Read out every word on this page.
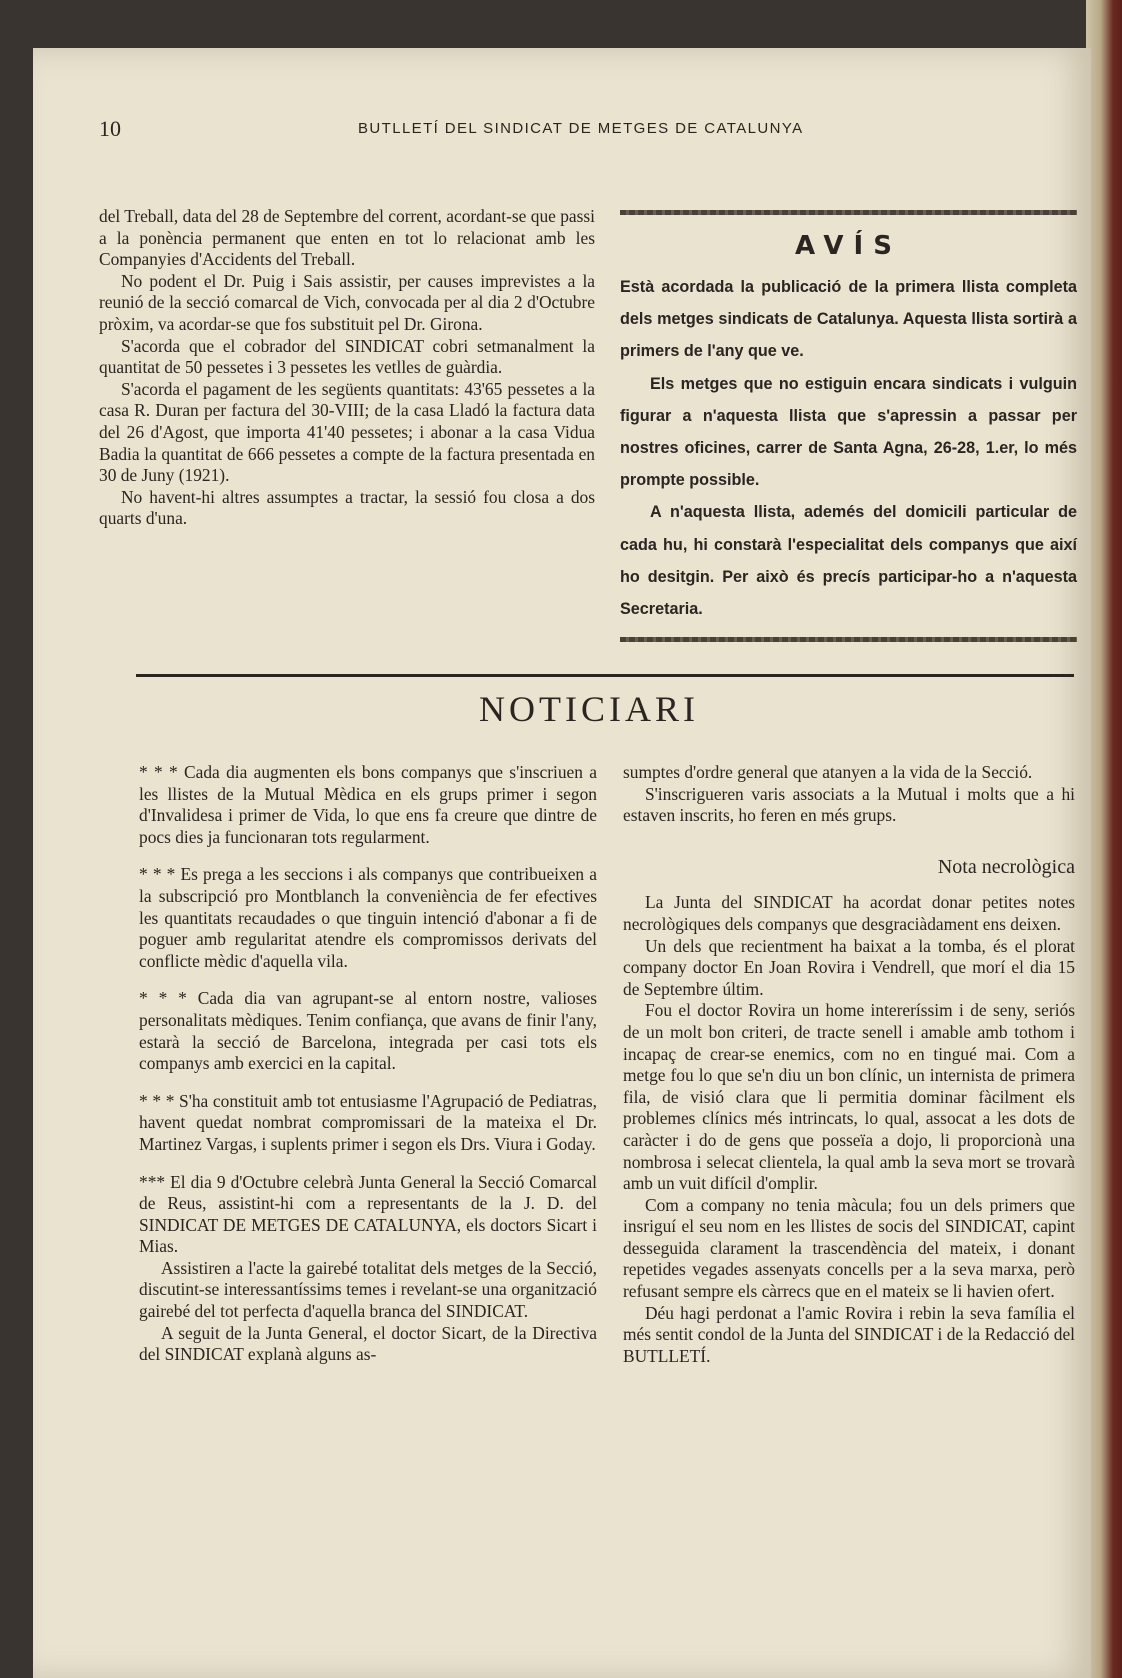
10	BUTLLETÍ DEL SINDICAT DE METGES DE CATALUNYA

del Treball, data del 28 de Septembre del corrent, acordant-se que passi a la ponència permanent que enten en tot lo relacionat amb les Companyies d'Accidents del Treball.

No podent el Dr. Puig i Sais assistir, per causes imprevistes a la reunió de la secció comarcal de Vich, convocada per al dia 2 d'Octubre pròxim, va acordar-se que fos substituit pel Dr. Girona.

S'acorda que el cobrador del SINDICAT cobri setmanalment la quantitat de 50 pessetes i 3 pessetes les vetlles de guàrdia.

S'acorda el pagament de les següents quantitats: 43'65 pessetes a la casa R. Duran per factura del 30-VIII; de la casa Lladó la factura data del 26 d'Agost, que importa 41'40 pessetes; i abonar a la casa Vidua Badia la quantitat de 666 pessetes a compte de la factura presentada en 30 de Juny (1921).

No havent-hi altres assumptes a tractar, la sessió fou closa a dos quarts d'una.

AVÍS

Està acordada la publicació de la primera llista completa dels metges sindicats de Catalunya. Aquesta llista sortirà a primers de l'any que ve.

Els metges que no estiguin encara sindicats i vulguin figurar a n'aquesta llista que s'apressin a passar per nostres oficines, carrer de Santa Agna, 26-28, 1.er, lo més prompte possible.

A n'aquesta llista, ademés del domicili particular de cada hu, hi constarà l'especialitat dels companys que així ho desitgin. Per això és precís participar-ho a n'aquesta Secretaria.

NOTICIARI

* * * Cada dia augmenten els bons companys que s'inscriuen a les llistes de la Mutual Mèdica en els grups primer i segon d'Invalidesa i primer de Vida, lo que ens fa creure que dintre de pocs dies ja funcionaran tots regularment.

* * * Es prega a les seccions i als companys que contribueixen a la subscripció pro Montblanch la conveniència de fer efectives les quantitats recaudades o que tinguin intenció d'abonar a fi de poguer amb regularitat atendre els compromissos derivats del conflicte mèdic d'aquella vila.

* * * Cada dia van agrupant-se al entorn nostre, valioses personalitats mèdiques. Tenim confiança, que avans de finir l'any, estarà la secció de Barcelona, integrada per casi tots els companys amb exercici en la capital.

* * * S'ha constituit amb tot entusiasme l'Agrupació de Pediatras, havent quedat nombrat compromissari de la mateixa el Dr. Martinez Vargas, i suplents primer i segon els Drs. Viura i Goday.

*** El dia 9 d'Octubre celebrà Junta General la Secció Comarcal de Reus, assistint-hi com a representants de la J. D. del SINDICAT DE METGES DE CATALUNYA, els doctors Sicart i Mias.

Assistiren a l'acte la gairebé totalitat dels metges de la Secció, discutint-se interessantíssims temes i revelant-se una organització gairebé del tot perfecta d'aquella branca del SINDICAT.

A seguit de la Junta General, el doctor Sicart, de la Directiva del SINDICAT explanà alguns as-

sumptes d'ordre general que atanyen a la vida de la Secció.

S'inscrigueren varis associats a la Mutual i molts que a hi estaven inscrits, ho feren en més grups.

Nota necrològica

La Junta del SINDICAT ha acordat donar petites notes necrològiques dels companys que desgraciàdament ens deixen.

Un dels que recientment ha baixat a la tomba, és el plorat company doctor En Joan Rovira i Vendrell, que morí el dia 15 de Septembre últim.

Fou el doctor Rovira un home intereríssim i de seny, seriós de un molt bon criteri, de tracte senell i amable amb tothom i incapaç de crear-se enemics, com no en tingué mai. Com a metge fou lo que se'n diu un bon clínic, un internista de primera fila, de visió clara que li permitia dominar fàcilment els problemes clínics més intrincats, lo qual, assocat a les dots de caràcter i do de gens que posseïa a dojo, li proporcionà una nombrosa i selecat clientela, la qual amb la seva mort se trovarà amb un vuit difícil d'omplir.

Com a company no tenia màcula; fou un dels primers que insriguí el seu nom en les llistes de socis del SINDICAT, capint desseguida clarament la trascendència del mateix, i donant repetides vegades assenyats concells per a la seva marxa, però refusant sempre els càrrecs que en el mateix se li havien ofert.

Déu hagi perdonat a l'amic Rovira i rebin la seva família el més sentit condol de la Junta del SINDICAT i de la Redacció del BUTLLETÍ.
